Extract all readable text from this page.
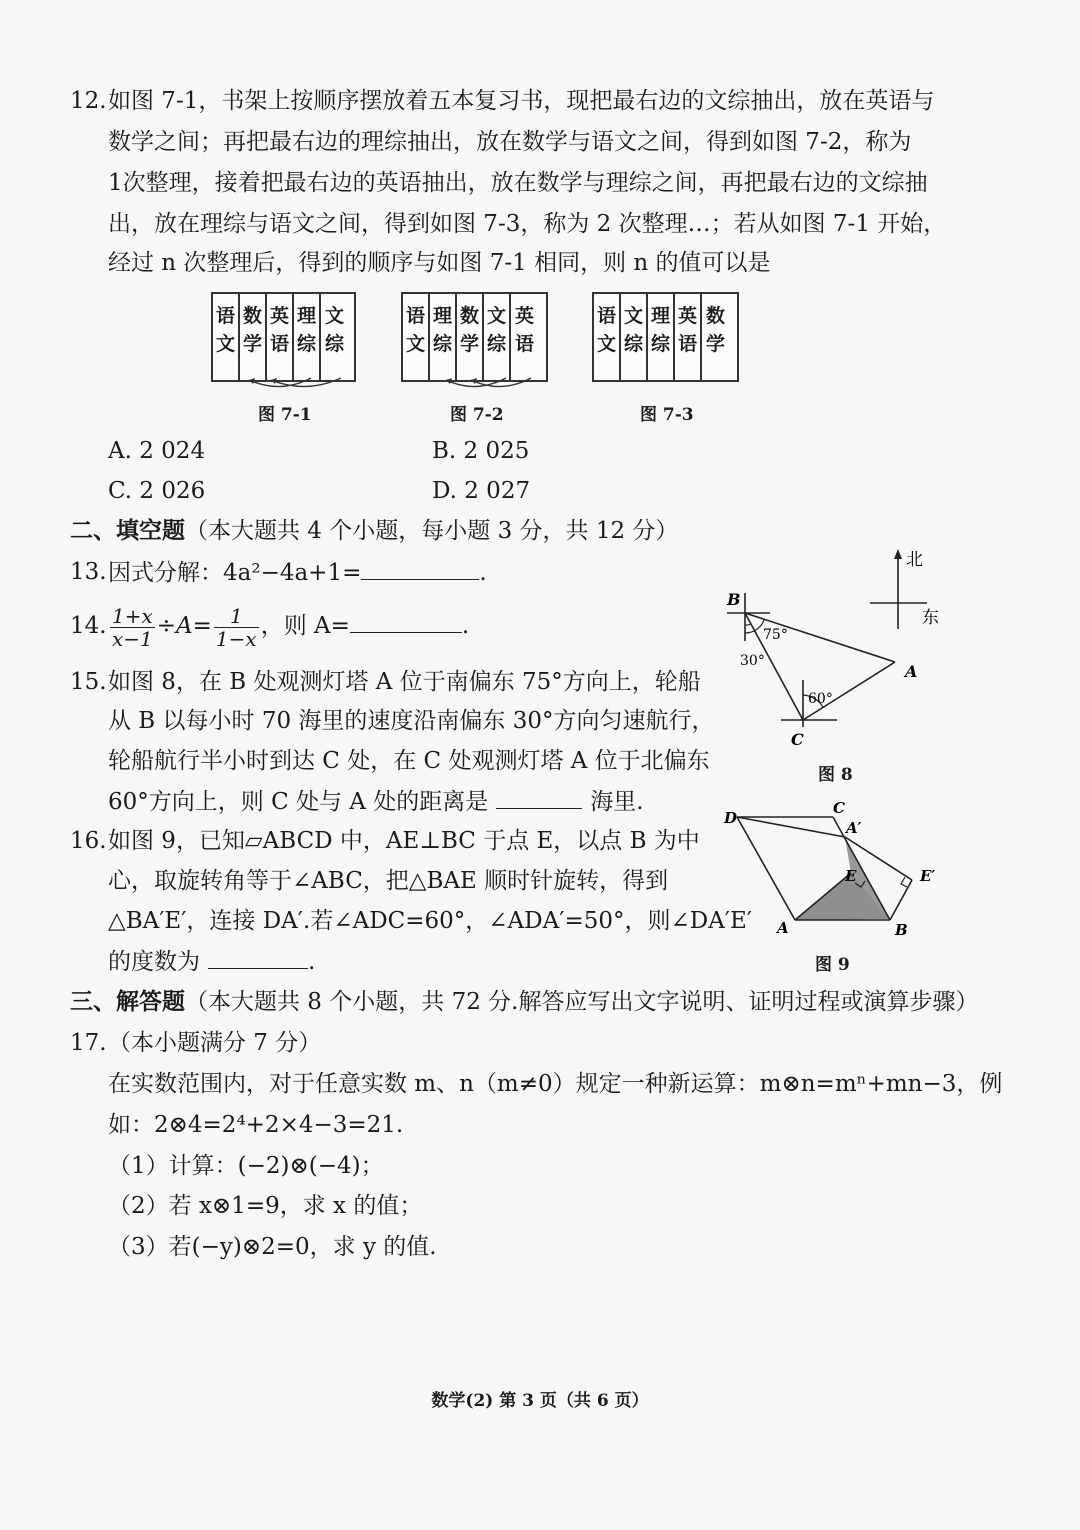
12. 如图 7-1，书架上按顺序摆放着五本复习书，现把最右边的文综抽出，放在英语与
数学之间；再把最右边的理综抽出，放在数学与语文之间，得到如图 7-2，称为
1次整理，接着把最右边的英语抽出，放在数学与理综之间，再把最右边的文综抽
出，放在理综与语文之间，得到如图 7-3，称为 2 次整理…；若从如图 7-1 开始，
经过 n 次整理后，得到的顺序与如图 7-1 相同，则 n 的值可以是
语
文
数
学
英
语
理
综
文
综
图 7-1
语
文
理
综
数
学
文
综
英
语
图 7-2
语
文
文
综
理
综
英
语
数
学
图 7-3
A. 2 024	B. 2 025
C. 2 026	D. 2 027
二、填空题（本大题共 4 个小题，每小题 3 分，共 12 分）
13. 因式分解：4a²−4a+1=	.
14. $\frac{1+x}{x-1} \div A= \frac{1}{1-x}$ ，则 A=	.
15. 如图 8，在 B 处观测灯塔 A 位于南偏东 75°方向上，轮船
从 B 以每小时 70 海里的速度沿南偏东 30°方向匀速航行，
轮船航行半小时到达 C 处，在 C 处观测灯塔 A 位于北偏东
60°方向上，则 C 处与 A 处的距离是	海里.
北
东
B
A
C
75°
30°
60°
图 8
16. 如图 9，已知▱ABCD 中，AE⊥BC 于点 E，以点 B 为中
心，取旋转角等于∠ABC，把△BAE 顺时针旋转，得到
△BA′E′，连接 DA′.若∠ADC=60°，∠ADA′=50°，则∠DA′E′
的度数为	.
D
C
A′
E	E′
A	B
图 9
三、解答题（本大题共 8 个小题，共 72 分.解答应写出文字说明、证明过程或演算步骤）
17. （本小题满分 7 分）
在实数范围内，对于任意实数 m、n（m≠0）规定一种新运算：m⊗n=mⁿ+mn−3，例
如：2⊗4=2⁴+2×4−3=21.
（1）计算：(−2)⊗(−4)；
（2）若 x⊗1=9，求 x 的值；
（3）若(−y)⊗2=0，求 y 的值.
数学(2) 第 3 页（共 6 页）
